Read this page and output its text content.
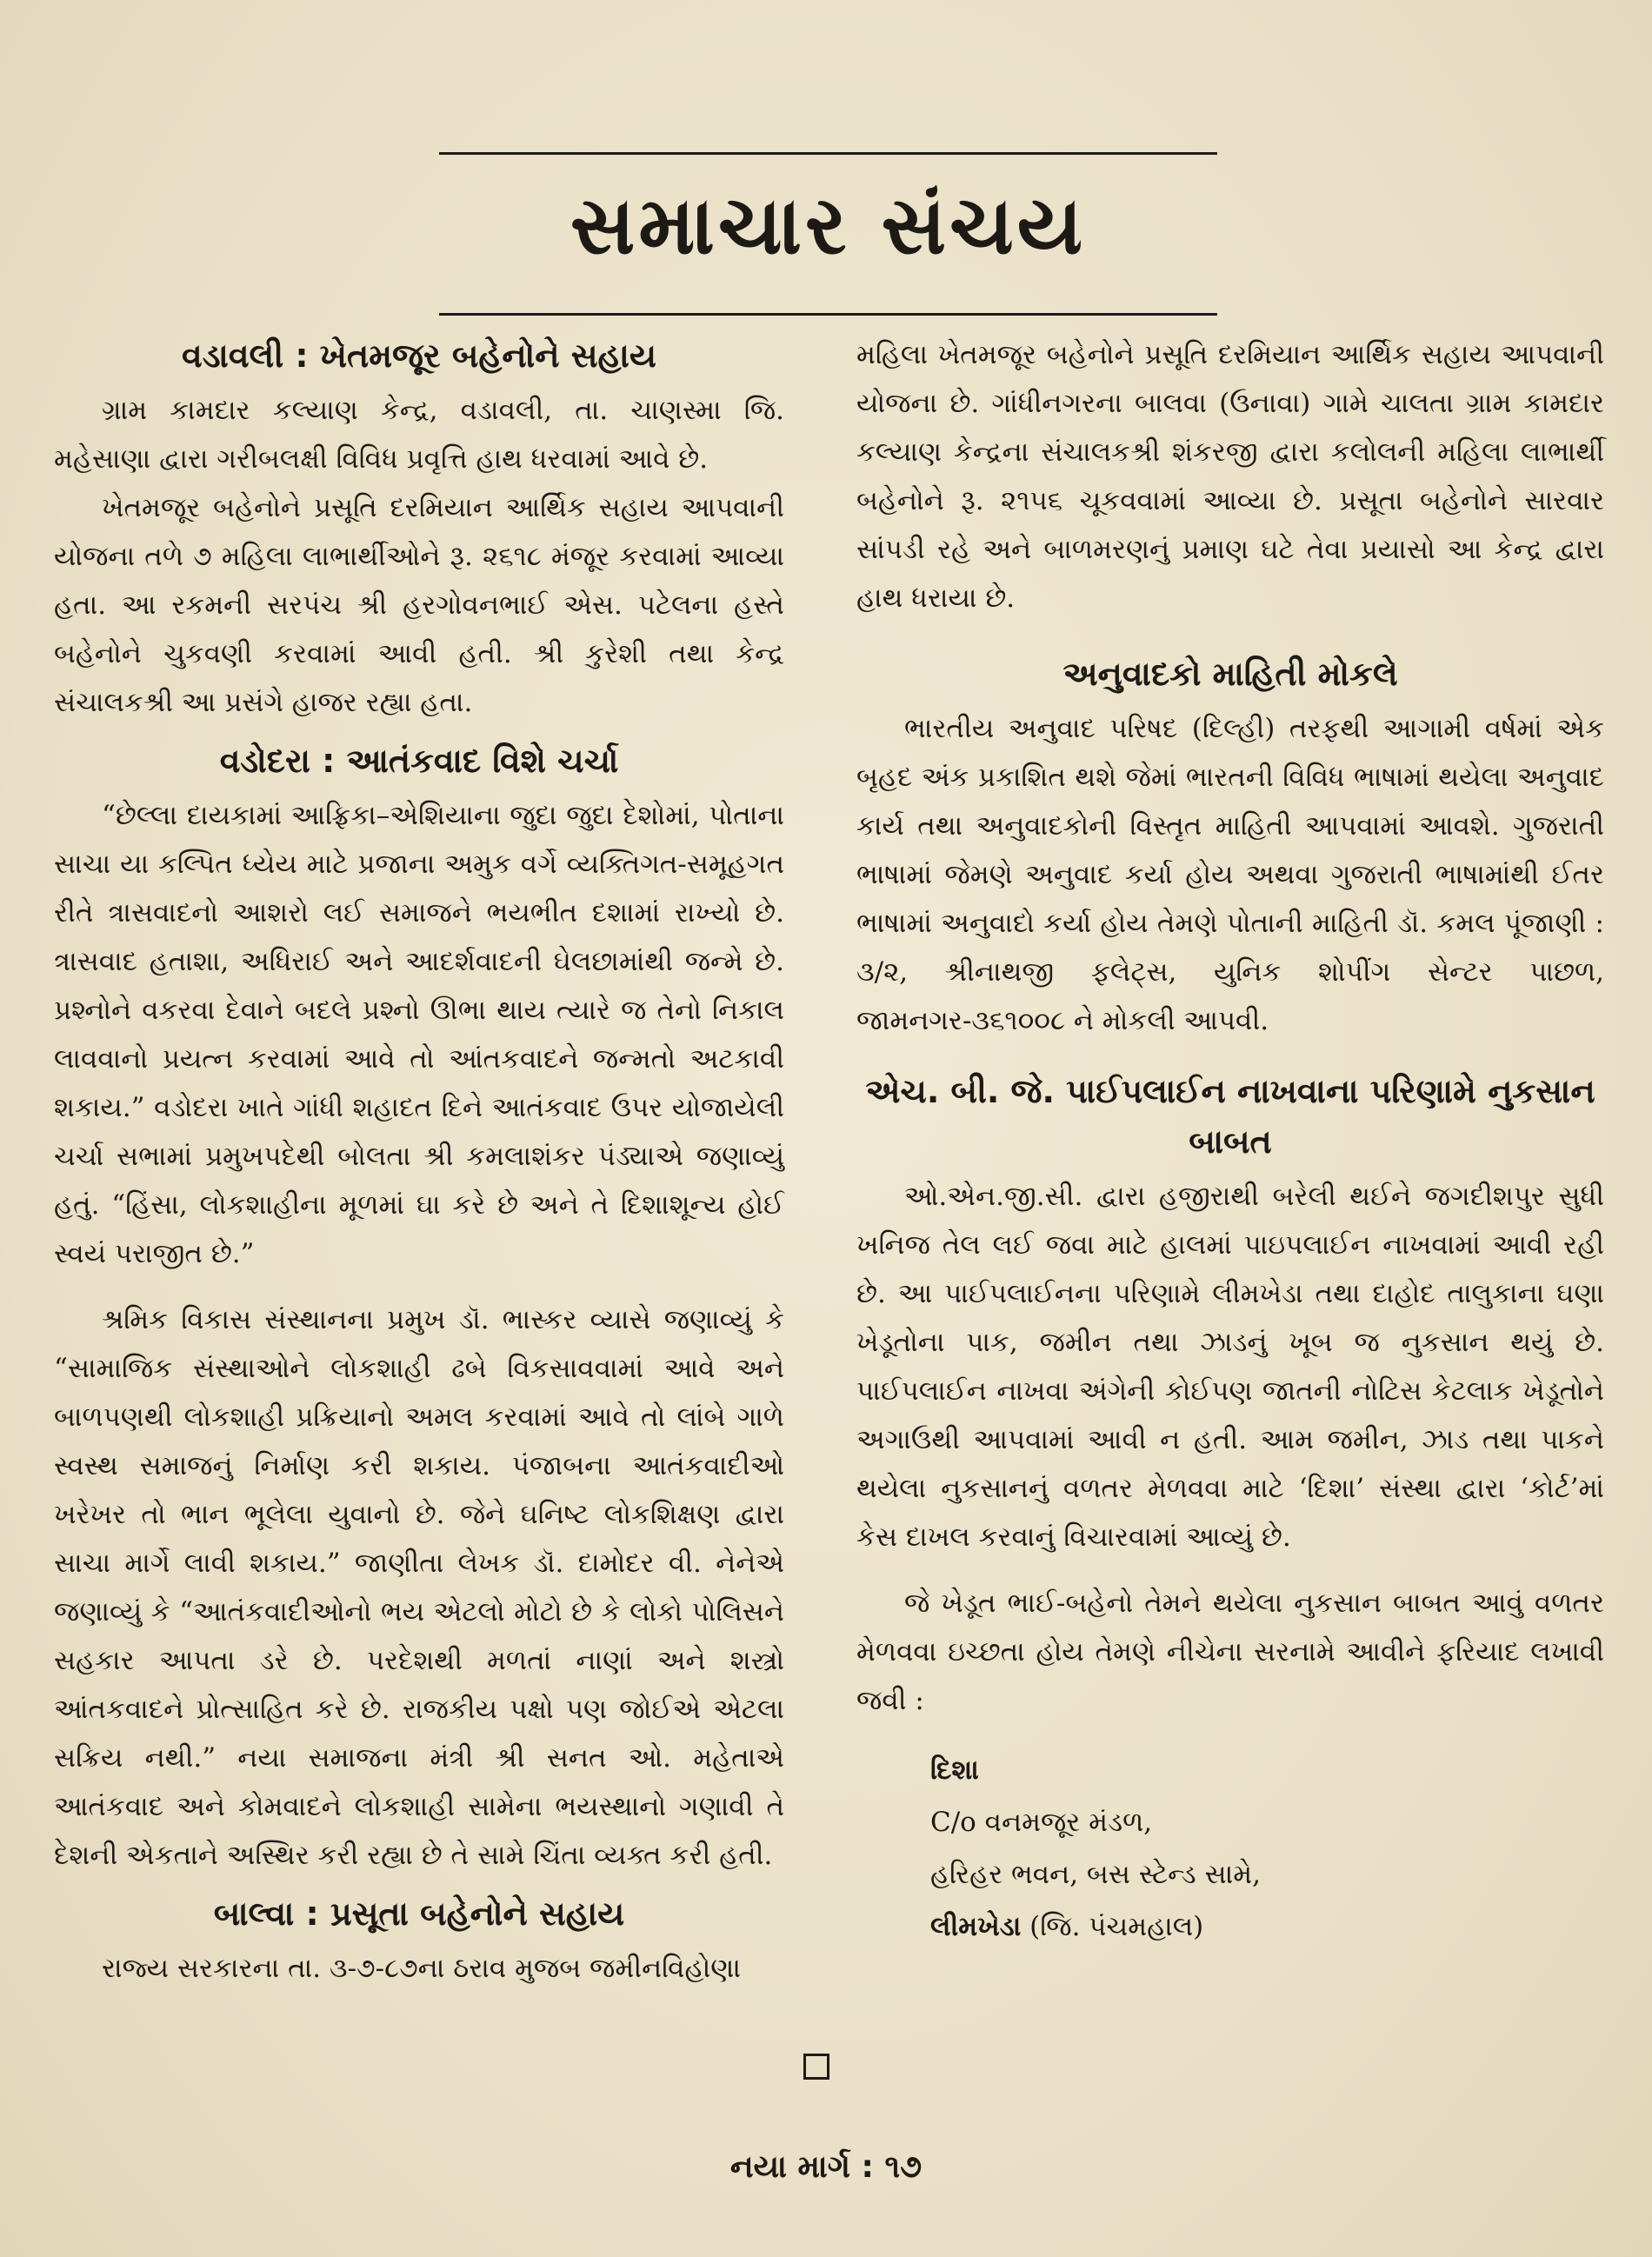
સમાચાર સંચય
વડાવલી : ખેતમજૂર બહેનોને સહાય

ગ્રામ કામદાર કલ્યાણ કેન્દ્ર, વડાવલી, તા. ચાણસ્મા જિ. મહેસાણા દ્વારા ગરીબલક્ષી વિવિધ પ્રવૃત્તિ હાથ ધરવામાં આવે છે.

ખેતમજૂર બહેનોને પ્રસૂતિ દરમિયાન આર્થિક સહાય આપવાની યોજના તળે ૭ મહિલા લાભાર્થીઓને રૂ. ૨૬૧૮ મંજૂર કરવામાં આવ્યા હતા. આ રકમની સરપંચ શ્રી હરગોવનભાઈ એસ. પટેલના હસ્તે બહેનોને ચુકવણી કરવામાં આવી હતી. શ્રી કુરેશી તથા કેન્દ્ર સંચાલકશ્રી આ પ્રસંગે હાજર રહ્યા હતા.

વડોદરા : આતંકવાદ વિશે ચર્ચા

“છેલ્લા દાયકામાં આફ્રિકા–એશિયાના જુદા જુદા દેશોમાં, પોતાના સાચા યા કલ્પિત ધ્યેય માટે પ્રજાના અમુક વર્ગે વ્યક્તિગત-સમૂહગત રીતે ત્રાસવાદનો આશરો લઈ સમાજને ભયભીત દશામાં રાખ્યો છે. ત્રાસવાદ હતાશા, અધિરાઈ અને આદર્શવાદની ઘેલછામાંથી જન્મે છે. પ્રશ્નોને વકરવા દેવાને બદલે પ્રશ્નો ઊભા થાય ત્યારે જ તેનો નિકાલ લાવવાનો પ્રયત્ન કરવામાં આવે તો આંતકવાદને જન્મતો અટકાવી શકાય.” વડોદરા ખાતે ગાંધી શહાદત દિને આતંકવાદ ઉપર યોજાયેલી ચર્ચા સભામાં પ્રમુખપદેથી બોલતા શ્રી કમલાશંકર પંડ્યાએ જણાવ્યું હતું. “હિંસા, લોકશાહીના મૂળમાં ઘા કરે છે અને તે દિશાશૂન્ય હોઈ સ્વયં પરાજીત છે.”

શ્રમિક વિકાસ સંસ્થાનના પ્રમુખ ડૉ. ભાસ્કર વ્યાસે જણાવ્યું કે “સામાજિક સંસ્થાઓને લોકશાહી ઢબે વિકસાવવામાં આવે અને બાળપણથી લોકશાહી પ્રક્રિયાનો અમલ કરવામાં આવે તો લાંબે ગાળે સ્વસ્થ સમાજનું નિર્માણ કરી શકાય. પંજાબના આતંકવાદીઓ ખરેખર તો ભાન ભૂલેલા યુવાનો છે. જેને ઘનિષ્ટ લોકશિક્ષણ દ્વારા સાચા માર્ગે લાવી શકાય.” જાણીતા લેખક ડૉ. દામોદર વી. નેનેએ જણાવ્યું કે “આતંકવાદીઓનો ભય એટલો મોટો છે કે લોકો પોલિસને સહકાર આપતા ડરે છે. પરદેશથી મળતાં નાણાં અને શસ્ત્રો આંતકવાદને પ્રોત્સાહિત કરે છે. રાજકીય પક્ષો પણ જોઈએ એટલા સક્રિય નથી.” નયા સમાજના મંત્રી શ્રી સનત ઓ. મહેતાએ આતંકવાદ અને કોમવાદને લોકશાહી સામેના ભયસ્થાનો ગણાવી તે દેશની એકતાને અસ્થિર કરી રહ્યા છે તે સામે ચિંતા વ્યક્ત કરી હતી.

બાલ્વા : પ્રસૂતા બહેનોને સહાય

રાજ્ય સરકારના તા. ૩-૭-૮૭ના ઠરાવ મુજબ જમીનવિહોણા

મહિલા ખેતમજૂર બહેનોને પ્રસૂતિ દરમિયાન આર્થિક સહાય આપવાની યોજના છે. ગાંધીનગરના બાલવા (ઉનાવા) ગામે ચાલતા ગ્રામ કામદાર કલ્યાણ કેન્દ્રના સંચાલકશ્રી શંકરજી દ્વારા કલોલની મહિલા લાભાર્થી બહેનોને રૂ. ૨૧૫૬ ચૂકવવામાં આવ્યા છે. પ્રસૂતા બહેનોને સારવાર સાંપડી રહે અને બાળમરણનું પ્રમાણ ઘટે તેવા પ્રયાસો આ કેન્દ્ર દ્વારા હાથ ધરાયા છે.

અનુવાદકો માહિતી મોકલે

ભારતીય અનુવાદ પરિષદ (દિલ્હી) તરફથી આગામી વર્ષમાં એક બૃહદ અંક પ્રકાશિત થશે જેમાં ભારતની વિવિધ ભાષામાં થયેલા અનુવાદ કાર્ય તથા અનુવાદકોની વિસ્તૃત માહિતી આપવામાં આવશે. ગુજરાતી ભાષામાં જેમણે અનુવાદ કર્યા હોય અથવા ગુજરાતી ભાષામાંથી ઈતર ભાષામાં અનુવાદો કર્યા હોય તેમણે પોતાની માહિતી ડૉ. કમલ પૂંજાણી : ૩/૨, શ્રીનાથજી ફલેટ્સ, યુનિક શોપીંગ સેન્ટર પાછળ, જામનગર-૩૬૧૦૦૮ ને મોકલી આપવી.

એચ. બી. જે. પાઈપલાઈન નાખવાના પરિણામે નુકસાન બાબત

ઓ.એન.જી.સી. દ્વારા હજીરાથી બરેલી થઈને જગદીશપુર સુધી ખનિજ તેલ લઈ જવા માટે હાલમાં પાઇપલાઈન નાખવામાં આવી રહી છે. આ પાઈપલાઈનના પરિણામે લીમખેડા તથા દાહોદ તાલુકાના ઘણા ખેડૂતોના પાક, જમીન તથા ઝાડનું ખૂબ જ નુકસાન થયું છે. પાઈપલાઈન નાખવા અંગેની કોઈપણ જાતની નોટિસ કેટલાક ખેડૂતોને અગાઉથી આપવામાં આવી ન હતી. આમ જમીન, ઝાડ તથા પાકને થયેલા નુકસાનનું વળતર મેળવવા માટે ‘દિશા’ સંસ્થા દ્વારા ‘કોર્ટ’માં કેસ દાખલ કરવાનું વિચારવામાં આવ્યું છે.

જે ખેડૂત ભાઈ-બહેનો તેમને થયેલા નુકસાન બાબત આવું વળતર મેળવવા ઇચ્છતા હોય તેમણે નીચેના સરનામે આવીને ફરિયાદ લખાવી જવી :

દિશા
C/o વનમજૂર મંડળ,
હરિહર ભવન, બસ સ્ટેન્ડ સામે,
લીમખેડા (જિ. પંચમહાલ)
નયા માર્ગ : ૧૭
